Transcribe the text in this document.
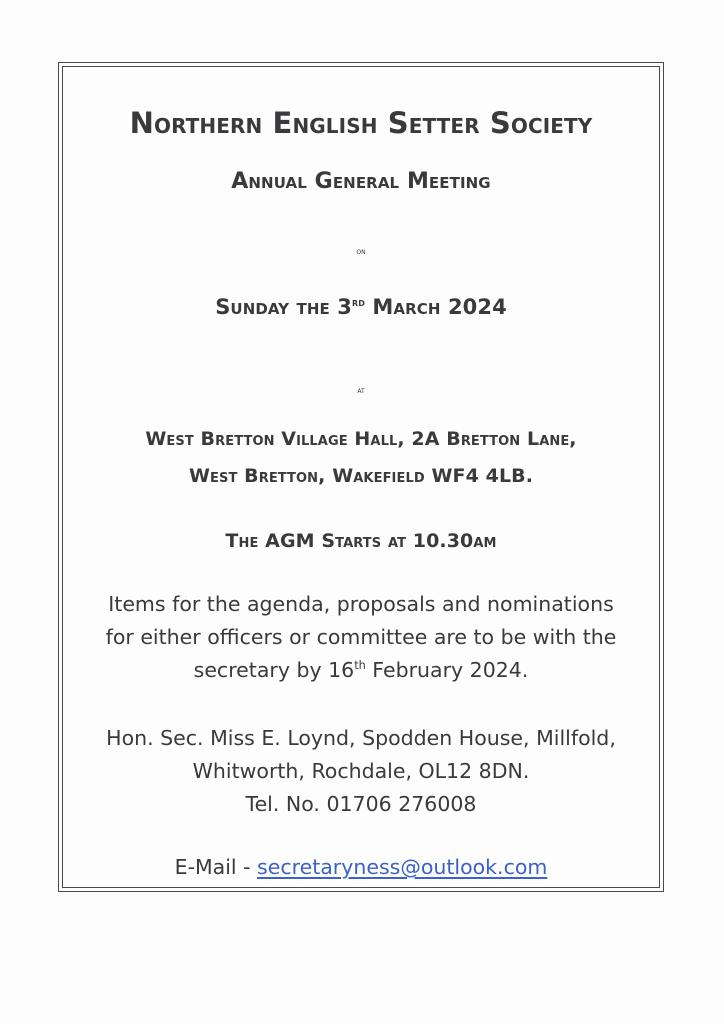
Northern English Setter Society
Annual General Meeting
on
Sunday the 3rd March 2024
at
West Bretton Village Hall, 2A Bretton Lane,
West Bretton, Wakefield WF4 4LB.
The AGM Starts at 10.30am
Items for the agenda, proposals and nominations
for either officers or committee are to be with the
secretary by 16th February 2024.
Hon. Sec. Miss E. Loynd, Spodden House, Millfold,
Whitworth, Rochdale, OL12 8DN.
Tel. No. 01706 276008
E-Mail - secretaryness@outlook.com
